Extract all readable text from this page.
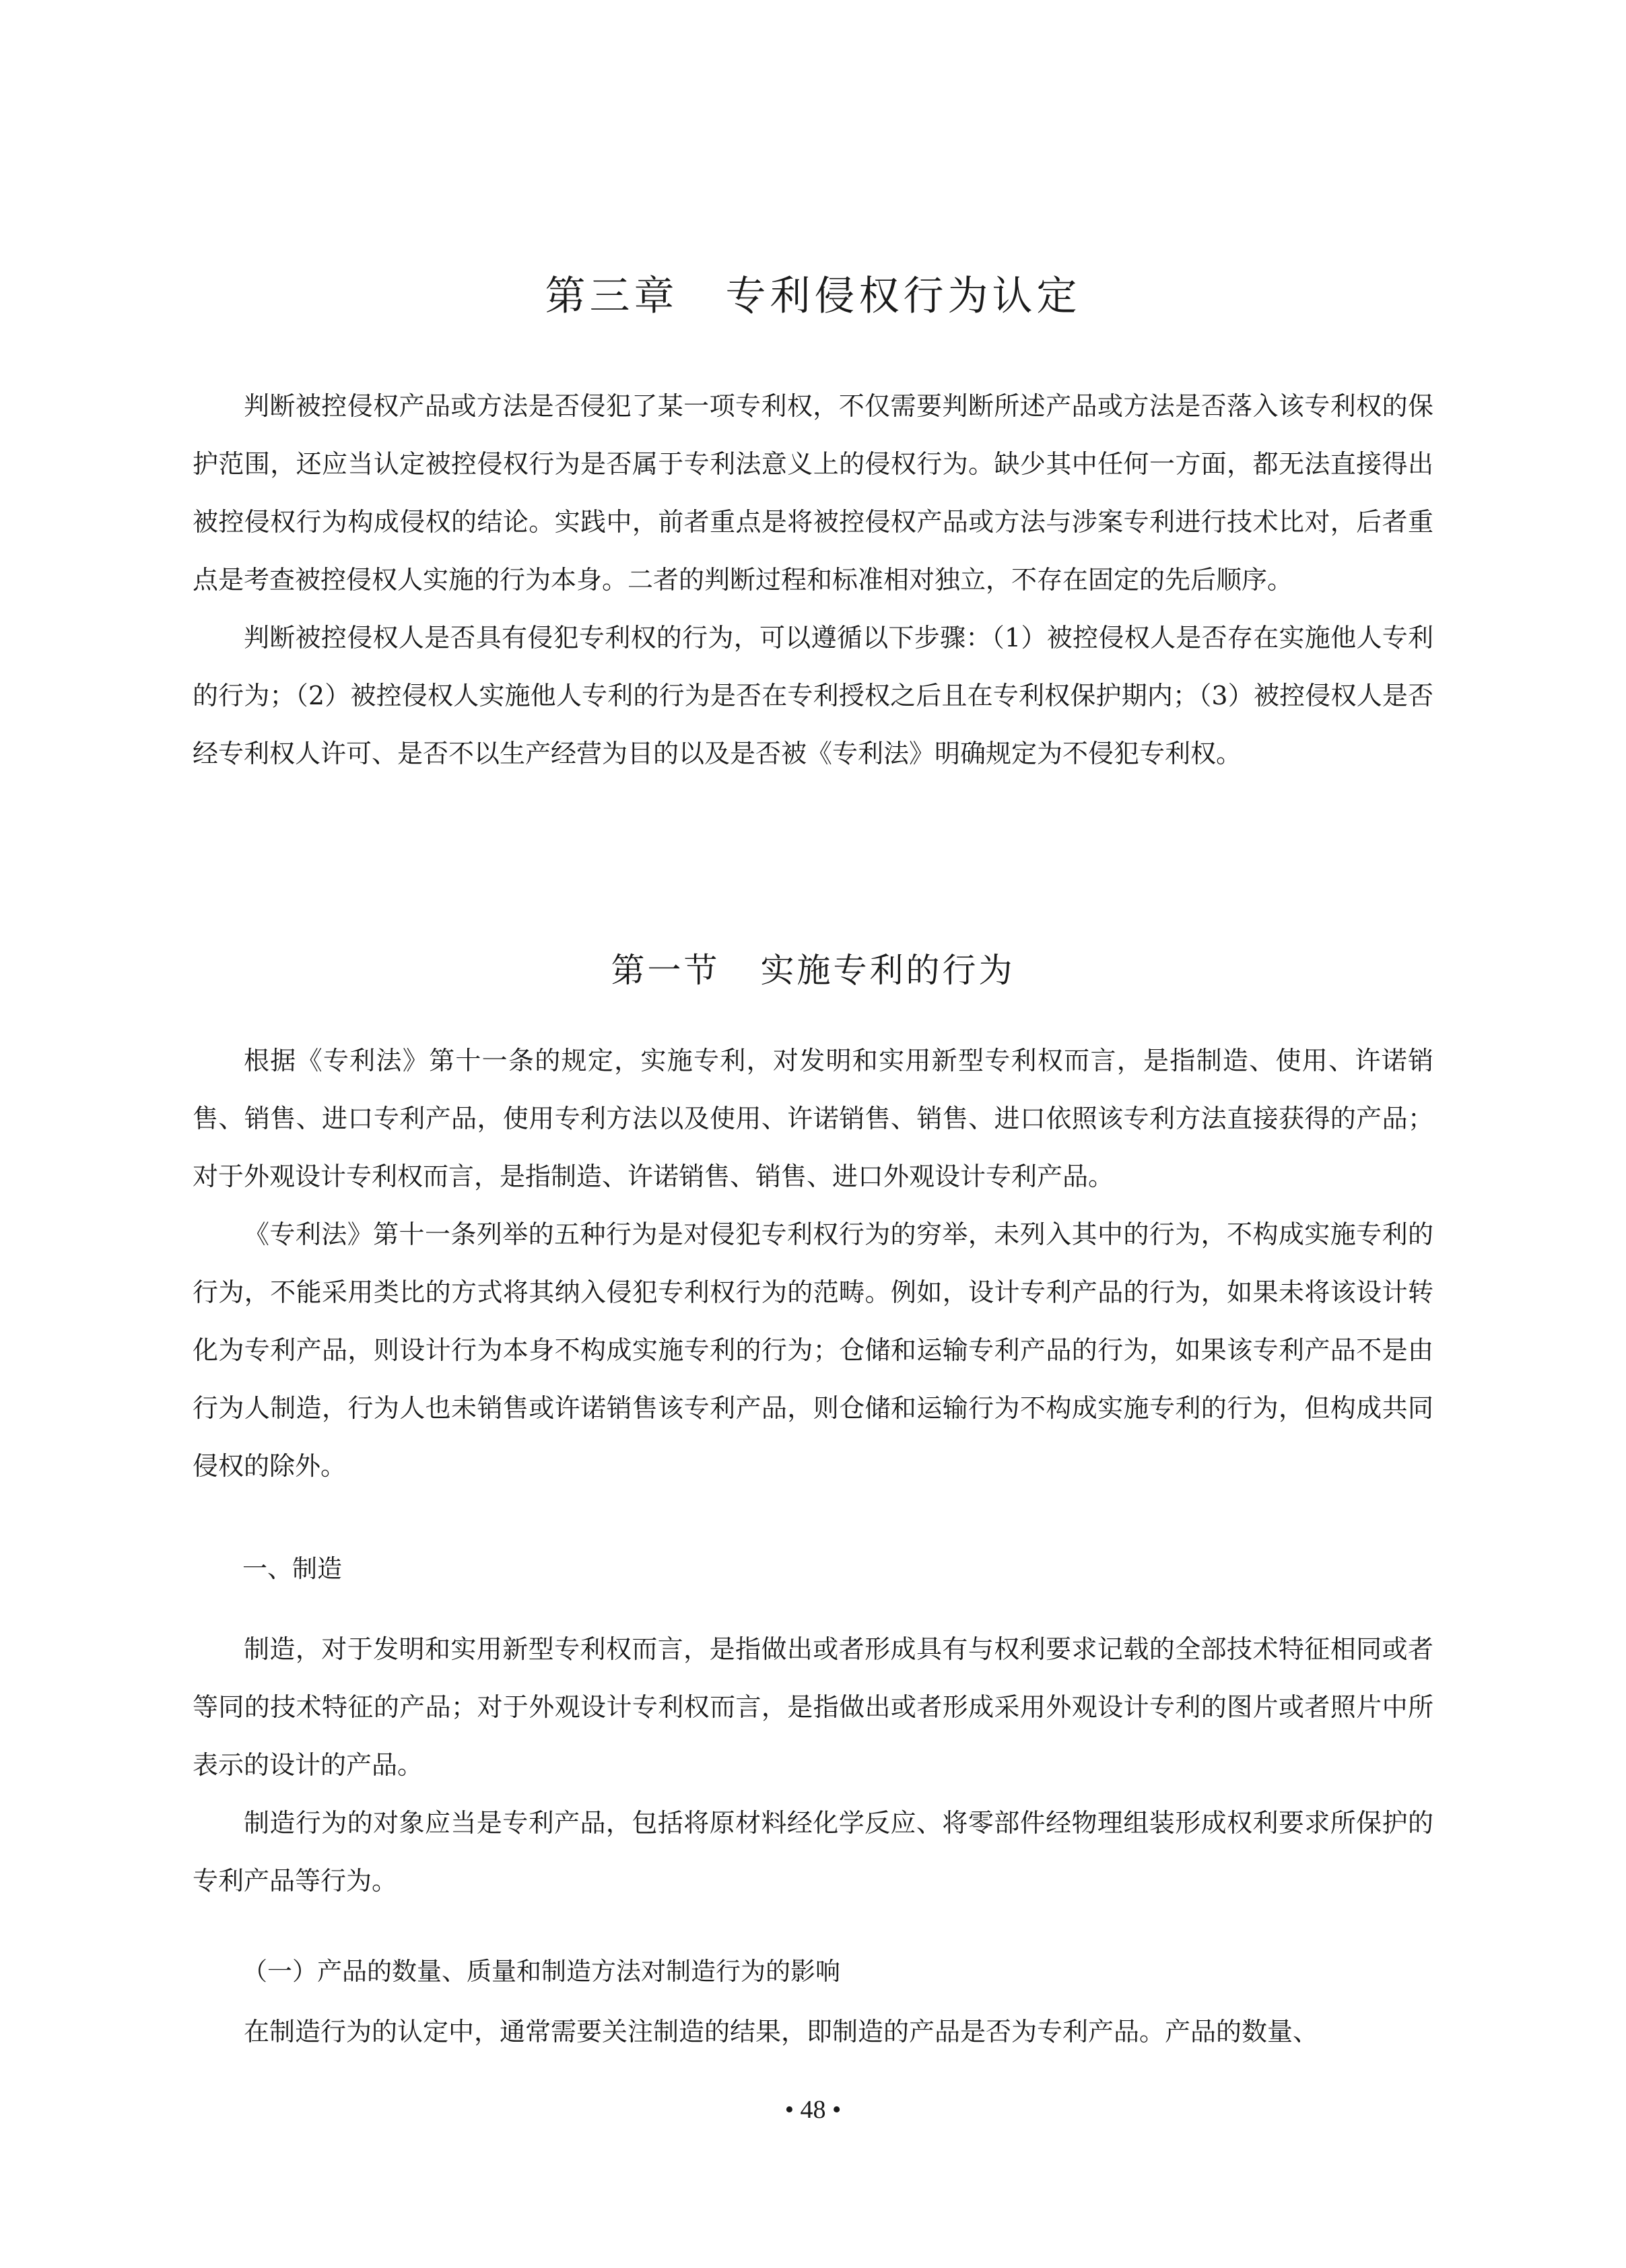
第三章 专利侵权行为认定

判断被控侵权产品或方法是否侵犯了某一项专利权，不仅需要判断所述产品或方法是否落入该专利权的保护范围，还应当认定被控侵权行为是否属于专利法意义上的侵权行为。缺少其中任何一方面，都无法直接得出被控侵权行为构成侵权的结论。实践中，前者重点是将被控侵权产品或方法与涉案专利进行技术比对，后者重点是考查被控侵权人实施的行为本身。二者的判断过程和标准相对独立，不存在固定的先后顺序。

判断被控侵权人是否具有侵犯专利权的行为，可以遵循以下步骤：（1）被控侵权人是否存在实施他人专利的行为；（2）被控侵权人实施他人专利的行为是否在专利授权之后且在专利权保护期内；（3）被控侵权人是否经专利权人许可、是否不以生产经营为目的以及是否被《专利法》明确规定为不侵犯专利权。

第一节 实施专利的行为

根据《专利法》第十一条的规定，实施专利，对发明和实用新型专利权而言，是指制造、使用、许诺销售、销售、进口专利产品，使用专利方法以及使用、许诺销售、销售、进口依照该专利方法直接获得的产品；对于外观设计专利权而言，是指制造、许诺销售、销售、进口外观设计专利产品。

《专利法》第十一条列举的五种行为是对侵犯专利权行为的穷举，未列入其中的行为，不构成实施专利的行为，不能采用类比的方式将其纳入侵犯专利权行为的范畴。例如，设计专利产品的行为，如果未将该设计转化为专利产品，则设计行为本身不构成实施专利的行为；仓储和运输专利产品的行为，如果该专利产品不是由行为人制造，行为人也未销售或许诺销售该专利产品，则仓储和运输行为不构成实施专利的行为，但构成共同侵权的除外。

一、制造

制造，对于发明和实用新型专利权而言，是指做出或者形成具有与权利要求记载的全部技术特征相同或者等同的技术特征的产品；对于外观设计专利权而言，是指做出或者形成采用外观设计专利的图片或者照片中所表示的设计的产品。

制造行为的对象应当是专利产品，包括将原材料经化学反应、将零部件经物理组装形成权利要求所保护的专利产品等行为。

（一）产品的数量、质量和制造方法对制造行为的影响

在制造行为的认定中，通常需要关注制造的结果，即制造的产品是否为专利产品。产品的数量、

• 48 •
